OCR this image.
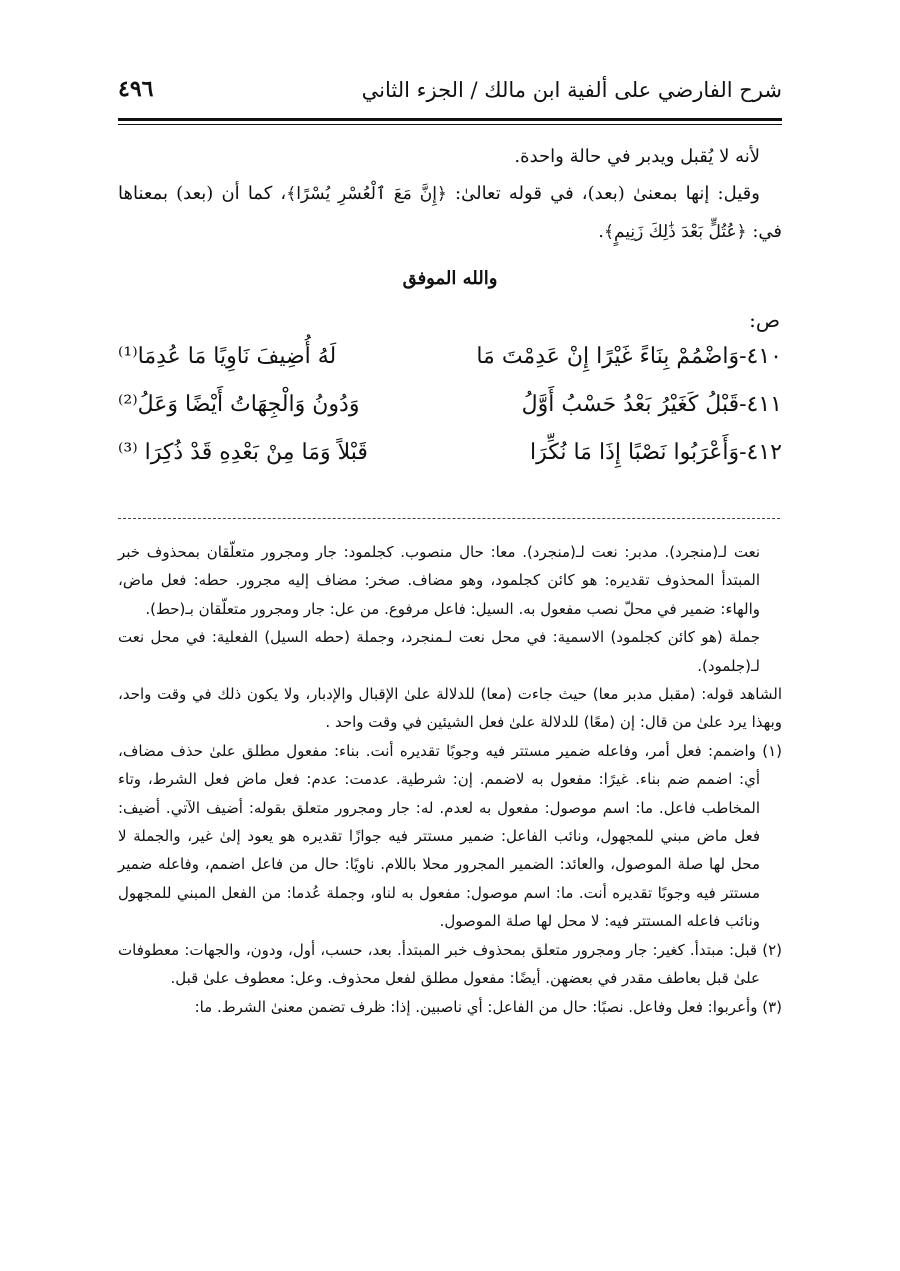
٤٩٦	شرح الفارضي على ألفية ابن مالك / الجزء الثاني

لأنه لا يُقبل ويدبر في حالة واحدة.

وقيل: إنها بمعنىٰ (بعد)، في قوله تعالىٰ: ﴿إِنَّ مَعَ ٱلْعُسْرِ يُسْرًا﴾، كما أن (بعد) بمعناها في: ﴿عُتُلٍّ بَعْدَ ذَٰلِكَ زَنِيمٍ﴾.

والله الموفق
ص:
٤١٠-وَاضْمُمْ بِنَاءً غَيْرًا إِنْ عَدِمْتَ مَا
لَهُ أُضِيفَ نَاوِيًا مَا عُدِمَا⁽¹⁾
٤١١-قَبْلُ كَغَيْرُ بَعْدُ حَسْبُ أَوَّلُ
وَدُونُ وَالْجِهَاتُ أَيْضًا وَعَلُ⁽²⁾
٤١٢-وَأَعْرَبُوا نَصْبًا إِذَا مَا نُكِّرَا
قَبْلاً وَمَا مِنْ بَعْدِهِ قَدْ ذُكِرَا ⁽³⁾

نعت لـ(منجرد). مدبر: نعت لـ(منجرد). معا: حال منصوب. كجلمود: جار ومجرور متعلّقان بمحذوف خبر المبتدأ المحذوف تقديره: هو كائن كجلمود، وهو مضاف. صخر: مضاف إليه مجرور. حطه: فعل ماض، والهاء: ضمير في محلّ نصب مفعول به. السيل: فاعل مرفوع. من عل: جار ومجرور متعلّقان بـ(حط).

جملة (هو كائن كجلمود) الاسمية: في محل نعت لـمنجرد، وجملة (حطه السيل) الفعلية: في محل نعت لـ(جلمود).

الشاهد قوله: (مقبل مدبر معا) حيث جاءت (معا) للدلالة علىٰ الإقبال والإدبار، ولا يكون ذلك في وقت واحد، وبهذا يرد علىٰ من قال: إن (معًا) للدلالة علىٰ فعل الشيئين في وقت واحد .

(١) واضمم: فعل أمر، وفاعله ضمير مستتر فيه وجوبًا تقديره أنت. بناء: مفعول مطلق علىٰ حذف مضاف، أي: اضمم ضم بناء. غيرًا: مفعول به لاضمم. إن: شرطية. عدمت: عدم: فعل ماض فعل الشرط، وتاء المخاطب فاعل. ما: اسم موصول: مفعول به لعدم. له: جار ومجرور متعلق بقوله: أضيف الآتي. أضيف: فعل ماض مبني للمجهول، ونائب الفاعل: ضمير مستتر فيه جوازًا تقديره هو يعود إلىٰ غير، والجملة لا محل لها صلة الموصول، والعائد: الضمير المجرور محلا باللام. ناويًا: حال من فاعل اضمم، وفاعله ضمير مستتر فيه وجوبًا تقديره أنت. ما: اسم موصول: مفعول به لناو، وجملة عُدما: من الفعل المبني للمجهول ونائب فاعله المستتر فيه: لا محل لها صلة الموصول.

(٢) قبل: مبتدأ. كغير: جار ومجرور متعلق بمحذوف خبر المبتدأ. بعد، حسب، أول، ودون، والجهات: معطوفات علىٰ قبل بعاطف مقدر في بعضهن. أيضًا: مفعول مطلق لفعل محذوف. وعل: معطوف علىٰ قبل.

(٣) وأعربوا: فعل وفاعل. نصبًا: حال من الفاعل: أي ناصبين. إذا: ظرف تضمن معنىٰ الشرط. ما:
